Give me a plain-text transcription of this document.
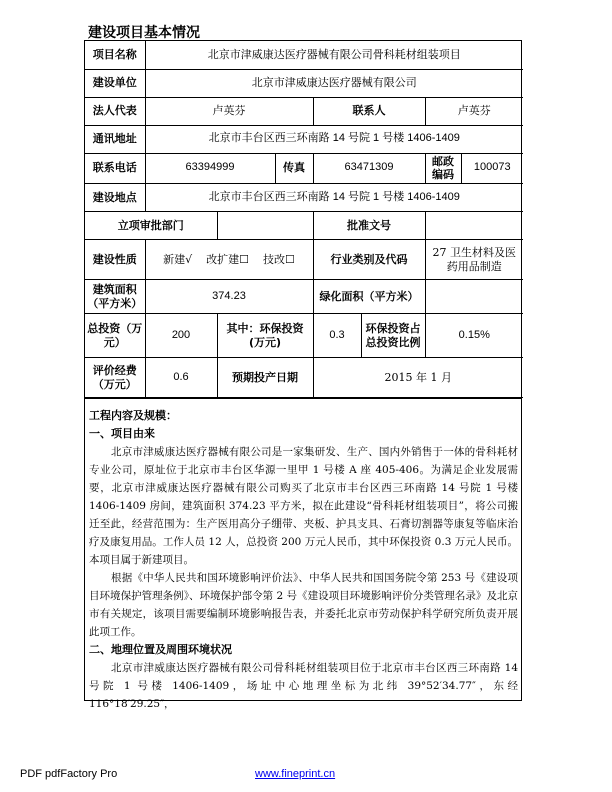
建设项目基本情况
项目名称	北京市津威康达医疗器械有限公司骨科耗材组装项目						
建设单位	北京市津威康达医疗器械有限公司						
法人代表	卢英芬			联系人		卢英芬	
通讯地址	北京市丰台区西三环南路 14 号院 1 号楼 1406-1409						
联系电话	63394999		传真	63471309		邮政编码	100073
建设地点	北京市丰台区西三环南路 14 号院 1 号楼 1406-1409						
立项审批部门				批准文号			
建设性质	新建√    改扩建☐    技改☐			行业类别及代码		27 卫生材料及医药用品制造	
建筑面积（平方米）	374.23			绿化面积（平方米）			
总投资（万元）	200	其中：环保投资(万元)		0.3	环保投资占总投资比例	0.15%	
评价经费（万元）	0.6	预期投产日期		2015 年 1 月			
工程内容及规模：
一、项目由来

北京市津威康达医疗器械有限公司是一家集研发、生产、国内外销售于一体的骨科耗材专业公司，原址位于北京市丰台区华源一里甲 1 号楼 A 座 405-406。为满足企业发展需要，北京市津威康达医疗器械有限公司购买了北京市丰台区西三环南路 14 号院 1 号楼 1406-1409 房间，建筑面积 374.23 平方米，拟在此建设“骨科耗材组装项目”，将公司搬迁至此，经营范围为：生产医用高分子绷带、夹板、护具支具、石膏切割器等康复等临床治疗及康复用品。工作人员 12 人，总投资 200 万元人民币，其中环保投资 0.3 万元人民币。本项目属于新建项目。

根据《中华人民共和国环境影响评价法》、中华人民共和国国务院令第 253 号《建设项目环境保护管理条例》、环境保护部令第 2 号《建设项目环境影响评价分类管理名录》及北京市有关规定，该项目需要编制环境影响报告表，并委托北京市劳动保护科学研究所负责开展此项工作。

二、地理位置及周围环境状况

北京市津威康达医疗器械有限公司骨科耗材组装项目位于北京市丰台区西三环南路 14 号院 1 号楼 1406-1409，场址中心地理坐标为北纬 39°52′34.77″，东经 116°18′29.25″，

PDF pdfFactory Pro	www.fineprint.cn
